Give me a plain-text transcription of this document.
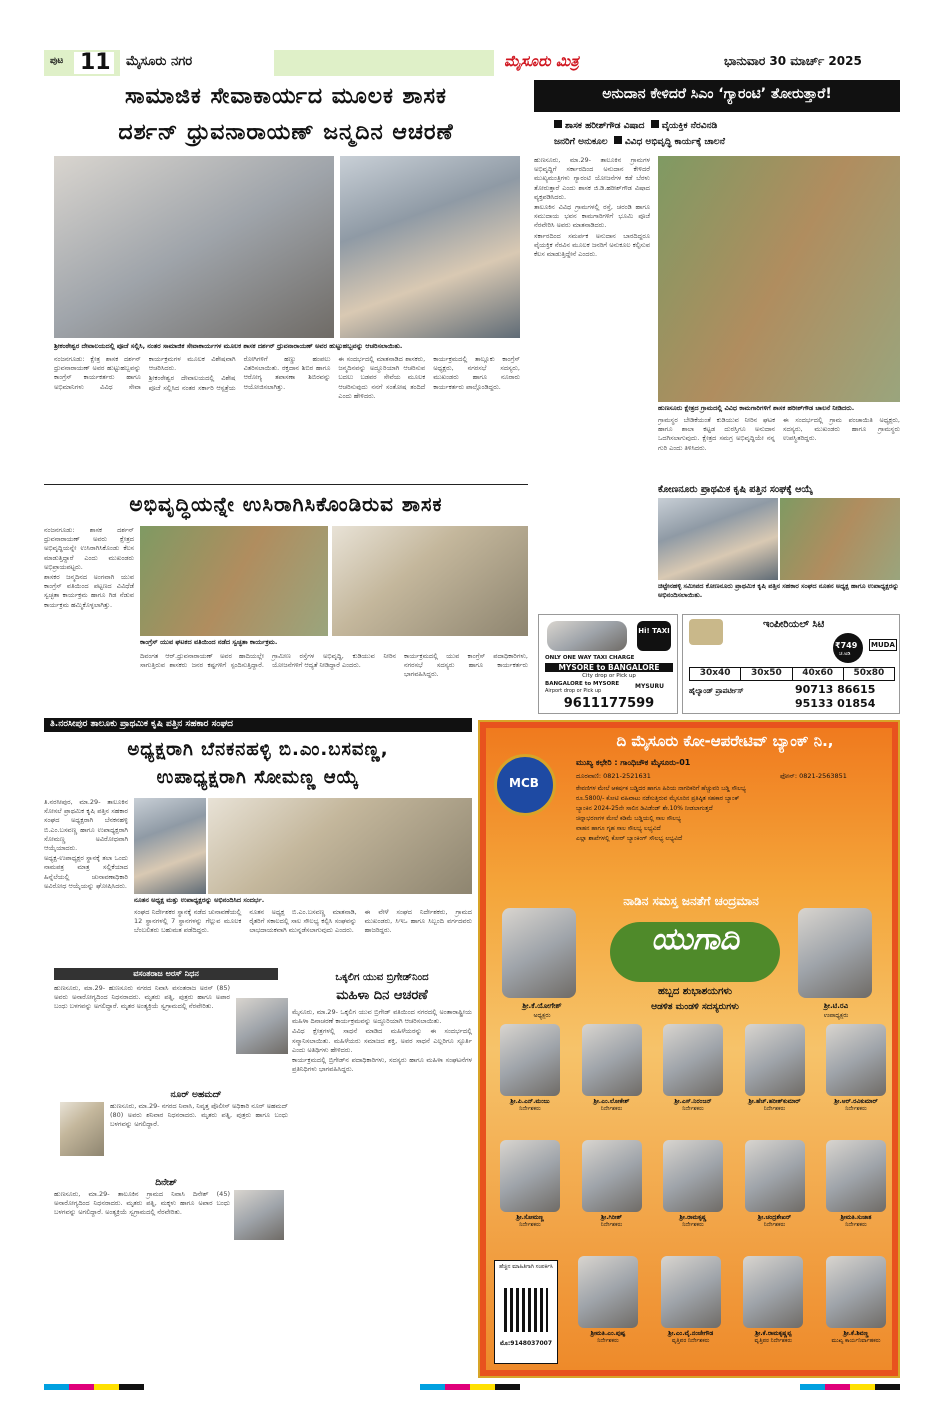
ಪುಟ 11 ಮೈಸೂರು ನಗರ	ಮೈಸೂರು ಮಿತ್ರ	ಭಾನುವಾರ 30 ಮಾರ್ಚ್ 2025
ಸಾಮಾಜಿಕ ಸೇವಾಕಾರ್ಯದ ಮೂಲಕ ಶಾಸಕ
ದರ್ಶನ್ ಧ್ರುವನಾರಾಯಣ್ ಜನ್ಮದಿನ ಆಚರಣೆ
ಶ್ರೀಕಂಠೇಶ್ವರ ದೇವಾಲಯದಲ್ಲಿ ಪೂಜೆ ಸಲ್ಲಿಸಿ, ನಂತರ ಸಾಮಾಜಿಕ ಸೇವಾಕಾರ್ಯಗಳ ಮೂಲಕ ಶಾಸಕ ದರ್ಶನ್ ಧ್ರುವನಾರಾಯಣ್ ಅವರ ಹುಟ್ಟುಹಬ್ಬವನ್ನು ಆಚರಿಸಲಾಯಿತು.
ನಂಜನಗೂಡು: ಕ್ಷೇತ್ರ ಶಾಸಕ ದರ್ಶನ್ ಧ್ರುವನಾರಾಯಣ್ ಅವರ ಹುಟ್ಟುಹಬ್ಬವನ್ನು ಕಾಂಗ್ರೆಸ್ ಕಾರ್ಯಕರ್ತರು ಹಾಗೂ ಅಭಿಮಾನಿಗಳು ವಿವಿಧ ಸೇವಾ ಕಾರ್ಯಕ್ರಮಗಳ ಮೂಲಕ ವಿಶೇಷವಾಗಿ ಆಚರಿಸಿದರು.
ಶ್ರೀಕಂಠೇಶ್ವರ ದೇವಾಲಯದಲ್ಲಿ ವಿಶೇಷ ಪೂಜೆ ಸಲ್ಲಿಸಿದ ನಂತರ ಸರ್ಕಾರಿ ಆಸ್ಪತ್ರೆಯ ರೋಗಿಗಳಿಗೆ ಹಣ್ಣು ಹಂಪಲು ವಿತರಿಸಲಾಯಿತು. ರಕ್ತದಾನ ಶಿಬಿರ ಹಾಗೂ ಆರೋಗ್ಯ ತಪಾಸಣಾ ಶಿಬಿರವನ್ನು ಆಯೋಜಿಸಲಾಗಿತ್ತು.
ಈ ಸಂದರ್ಭದಲ್ಲಿ ಮಾತನಾಡಿದ ಶಾಸಕರು, ಜನ್ಮದಿನವನ್ನು ಅದ್ದೂರಿಯಾಗಿ ಆಚರಿಸುವ ಬದಲು ಬಡವರ ಸೇವೆಯ ಮೂಲಕ ಆಚರಿಸುವುದು ನನಗೆ ಸಂತೋಷ ತಂದಿದೆ ಎಂದು ಹೇಳಿದರು.
ಕಾರ್ಯಕ್ರಮದಲ್ಲಿ ತಾಲ್ಲೂಕು ಕಾಂಗ್ರೆಸ್ ಅಧ್ಯಕ್ಷರು, ನಗರಸಭೆ ಸದಸ್ಯರು, ಮುಖಂಡರು ಹಾಗೂ ನೂರಾರು ಕಾರ್ಯಕರ್ತರು ಪಾಲ್ಗೊಂಡಿದ್ದರು.
ಅನುದಾನ ಕೇಳಿದರೆ ಸಿಎಂ ‘ಗ್ಯಾರಂಟಿ’ ತೋರುತ್ತಾರೆ!
ಶಾಸಕ ಹರೀಶ್‌ಗೌಡ ವಿಷಾದ ವೈಯಕ್ತಿಕ ನೆರವಿನಡಿ
ಜನರಿಗೆ ಅನುಕೂಲ ವಿವಿಧ ಅಭಿವೃದ್ಧಿ ಕಾರ್ಯಕ್ಕೆ ಚಾಲನೆ
ಹುಣಸೂರು, ಮಾ.29- ತಾಲೂಕಿನ ಗ್ರಾಮಗಳ ಅಭಿವೃದ್ಧಿಗೆ ಸರ್ಕಾರದಿಂದ ಅನುದಾನ ಕೇಳಿದರೆ ಮುಖ್ಯಮಂತ್ರಿಗಳು ಗ್ಯಾರಂಟಿ ಯೋಜನೆಗಳ ಕಡೆ ಬೆರಳು ತೋರುತ್ತಾರೆ ಎಂದು ಶಾಸಕ ಜಿ.ಡಿ.ಹರೀಶ್‌ಗೌಡ ವಿಷಾದ ವ್ಯಕ್ತಪಡಿಸಿದರು.
ತಾಲೂಕಿನ ವಿವಿಧ ಗ್ರಾಮಗಳಲ್ಲಿ ರಸ್ತೆ, ಚರಂಡಿ ಹಾಗೂ ಸಮುದಾಯ ಭವನ ಕಾಮಗಾರಿಗಳಿಗೆ ಭೂಮಿ ಪೂಜೆ ನೆರವೇರಿಸಿ ಅವರು ಮಾತನಾಡಿದರು.
ಸರ್ಕಾರದಿಂದ ಸಮರ್ಪಕ ಅನುದಾನ ಬಾರದಿದ್ದರೂ ವೈಯಕ್ತಿಕ ನೆರವಿನ ಮೂಲಕ ಜನರಿಗೆ ಅನುಕೂಲ ಕಲ್ಪಿಸುವ ಕೆಲಸ ಮಾಡುತ್ತಿದ್ದೇನೆ ಎಂದರು.
ಹುಣಸೂರು ಕ್ಷೇತ್ರದ ಗ್ರಾಮದಲ್ಲಿ ವಿವಿಧ ಕಾಮಗಾರಿಗಳಿಗೆ ಶಾಸಕ ಹರೀಶ್‌ಗೌಡ ಚಾಲನೆ ನೀಡಿದರು.
ಗ್ರಾಮಸ್ಥರ ಬೇಡಿಕೆಯಂತೆ ಕುಡಿಯುವ ನೀರಿನ ಘಟಕ ಹಾಗೂ ಶಾಲಾ ಕಟ್ಟಡ ದುರಸ್ತಿಗೂ ಅನುದಾನ ಒದಗಿಸಲಾಗುವುದು. ಕ್ಷೇತ್ರದ ಸಮಗ್ರ ಅಭಿವೃದ್ಧಿಯೇ ನನ್ನ ಗುರಿ ಎಂದು ತಿಳಿಸಿದರು.
ಈ ಸಂದರ್ಭದಲ್ಲಿ ಗ್ರಾಮ ಪಂಚಾಯಿತಿ ಅಧ್ಯಕ್ಷರು, ಸದಸ್ಯರು, ಮುಖಂಡರು ಹಾಗೂ ಗ್ರಾಮಸ್ಥರು ಉಪಸ್ಥಿತರಿದ್ದರು.
ಅಭಿವೃದ್ಧಿಯನ್ನೇ ಉಸಿರಾಗಿಸಿಕೊಂಡಿರುವ ಶಾಸಕ
ನಂಜನಗೂಡು: ಶಾಸಕ ದರ್ಶನ್ ಧ್ರುವನಾರಾಯಣ್ ಅವರು ಕ್ಷೇತ್ರದ ಅಭಿವೃದ್ಧಿಯನ್ನೇ ಉಸಿರಾಗಿಸಿಕೊಂಡು ಕೆಲಸ ಮಾಡುತ್ತಿದ್ದಾರೆ ಎಂದು ಮುಖಂಡರು ಅಭಿಪ್ರಾಯಪಟ್ಟರು.
ಶಾಸಕರ ಜನ್ಮದಿನದ ಅಂಗವಾಗಿ ಯುವ ಕಾಂಗ್ರೆಸ್ ವತಿಯಿಂದ ಪಟ್ಟಣದ ವಿವಿಧೆಡೆ ಸ್ವಚ್ಛತಾ ಕಾರ್ಯಕ್ರಮ ಹಾಗೂ ಗಿಡ ನೆಡುವ ಕಾರ್ಯಕ್ರಮ ಹಮ್ಮಿಕೊಳ್ಳಲಾಗಿತ್ತು.
ಕಾಂಗ್ರೆಸ್ ಯುವ ಘಟಕದ ವತಿಯಿಂದ ನಡೆದ ಸ್ವಚ್ಛತಾ ಕಾರ್ಯಕ್ರಮ.
ದಿವಂಗತ ಆರ್.ಧ್ರುವನಾರಾಯಣ್ ಅವರ ಹಾದಿಯಲ್ಲೇ ಸಾಗುತ್ತಿರುವ ಶಾಸಕರು ಜನರ ಕಷ್ಟಗಳಿಗೆ ಸ್ಪಂದಿಸುತ್ತಿದ್ದಾರೆ. ಗ್ರಾಮೀಣ ರಸ್ತೆಗಳ ಅಭಿವೃದ್ಧಿ, ಕುಡಿಯುವ ನೀರಿನ ಯೋಜನೆಗಳಿಗೆ ಆದ್ಯತೆ ನೀಡಿದ್ದಾರೆ ಎಂದರು.
ಕಾರ್ಯಕ್ರಮದಲ್ಲಿ ಯುವ ಕಾಂಗ್ರೆಸ್ ಪದಾಧಿಕಾರಿಗಳು, ನಗರಸಭೆ ಸದಸ್ಯರು ಹಾಗೂ ಕಾರ್ಯಕರ್ತರು ಭಾಗವಹಿಸಿದ್ದರು.
ಕೋಣನೂರು ಪ್ರಾಥಮಿಕ ಕೃಷಿ ಪತ್ತಿನ ಸಂಘಕ್ಕೆ ಆಯ್ಕೆ
ಚಿಟ್ಟೇನಹಳ್ಳಿ ಸಮೀಪದ ಕೋಣನೂರು ಪ್ರಾಥಮಿಕ ಕೃಷಿ ಪತ್ತಿನ ಸಹಕಾರ ಸಂಘದ ನೂತನ ಅಧ್ಯಕ್ಷ ಹಾಗೂ ಉಪಾಧ್ಯಕ್ಷರನ್ನು ಅಭಿನಂದಿಸಲಾಯಿತು.
Hi! TAXI
ONLY ONE WAY TAXI CHARGE
MYSORE to BANGALORE
City drop or Pick up
BANGALORE to MYSORE
Airport drop or Pick up
MYSURU
9611177599
ಇಂಪೀರಿಯಲ್ ಸಿಟಿ
₹749
ಚ.ಅಡಿ
MUDA
30x40	30x50	40x60	50x80
ಹೈಲ್ಯಾಂಡ್ ಪ್ರಾಪರ್ಟೀಸ್	90713 86615
95133 01854
ತಿ.ನರಸೀಪುರ ತಾಲೂಕು ಪ್ರಾಥಮಿಕ ಕೃಷಿ ಪತ್ತಿನ ಸಹಕಾರ ಸಂಘದ
ಅಧ್ಯಕ್ಷರಾಗಿ ಬೆನಕನಹಳ್ಳಿ ಬಿ.ಎಂ.ಬಸವಣ್ಣ,
ಉಪಾಧ್ಯಕ್ಷರಾಗಿ ಸೋಮಣ್ಣ ಆಯ್ಕೆ
ತಿ.ನರಸೀಪುರ, ಮಾ.29- ತಾಲೂಕಿನ ಸೋಸಲೆ ಪ್ರಾಥಮಿಕ ಕೃಷಿ ಪತ್ತಿನ ಸಹಕಾರ ಸಂಘದ ಅಧ್ಯಕ್ಷರಾಗಿ ಬೆನಕನಹಳ್ಳಿ ಬಿ.ಎಂ.ಬಸವಣ್ಣ ಹಾಗೂ ಉಪಾಧ್ಯಕ್ಷರಾಗಿ ಸೋಮಣ್ಣ ಅವಿರೋಧವಾಗಿ ಆಯ್ಕೆಯಾದರು.
ಅಧ್ಯಕ್ಷ-ಉಪಾಧ್ಯಕ್ಷರ ಸ್ಥಾನಕ್ಕೆ ತಲಾ ಒಂದು ನಾಮಪತ್ರ ಮಾತ್ರ ಸಲ್ಲಿಕೆಯಾದ ಹಿನ್ನೆಲೆಯಲ್ಲಿ ಚುನಾವಣಾಧಿಕಾರಿ ಅವಿರೋಧ ಆಯ್ಕೆಯನ್ನು ಘೋಷಿಸಿದರು.
ನೂತನ ಅಧ್ಯಕ್ಷ ಮತ್ತು ಉಪಾಧ್ಯಕ್ಷರನ್ನು ಅಭಿನಂದಿಸಿದ ಸಂದರ್ಭ.
ಸಂಘದ ನಿರ್ದೇಶಕರ ಸ್ಥಾನಕ್ಕೆ ನಡೆದ ಚುನಾವಣೆಯಲ್ಲಿ 12 ಸ್ಥಾನಗಳಲ್ಲಿ 7 ಸ್ಥಾನಗಳನ್ನು ಗೆಲ್ಲುವ ಮೂಲಕ ಬೆಂಬಲಿತರು ಬಹುಮತ ಪಡೆದಿದ್ದರು.
ನೂತನ ಅಧ್ಯಕ್ಷ ಬಿ.ಎಂ.ಬಸವಣ್ಣ ಮಾತನಾಡಿ, ರೈತರಿಗೆ ಸಕಾಲದಲ್ಲಿ ಸಾಲ ಸೌಲಭ್ಯ ಕಲ್ಪಿಸಿ ಸಂಘವನ್ನು ಲಾಭದಾಯಕವಾಗಿ ಮುನ್ನಡೆಸಲಾಗುವುದು ಎಂದರು.
ಈ ವೇಳೆ ಸಂಘದ ನಿರ್ದೇಶಕರು, ಗ್ರಾಮದ ಮುಖಂಡರು, ಸಿಇಒ ಹಾಗೂ ಸಿಬ್ಬಂದಿ ವರ್ಗದವರು ಹಾಜರಿದ್ದರು.
ವಸಂತರಾಜ ಅರಸ್ ನಿಧನ
ಹುಣಸೂರು, ಮಾ.29- ಹುಣಸೂರು ನಗರದ ನಿವಾಸಿ ವಸಂತರಾಜ ಅರಸ್ (85) ಅವರು ಅನಾರೋಗ್ಯದಿಂದ ನಿಧನರಾದರು. ಮೃತರು ಪತ್ನಿ, ಪುತ್ರರು ಹಾಗೂ ಅಪಾರ ಬಂಧು ಬಳಗವನ್ನು ಅಗಲಿದ್ದಾರೆ. ಮೃತರ ಅಂತ್ಯಕ್ರಿಯೆ ಸ್ವಗ್ರಾಮದಲ್ಲಿ ನೆರವೇರಿತು.
ನೂರ್ ಅಹಮದ್
ಹುಣಸೂರು, ಮಾ.29- ನಗರದ ನಿವಾಸಿ, ನಿವೃತ್ತ ಪೊಲೀಸ್ ಅಧಿಕಾರಿ ನೂರ್ ಅಹಮದ್ (80) ಅವರು ಶನಿವಾರ ನಿಧನರಾದರು. ಮೃತರು ಪತ್ನಿ, ಪುತ್ರರು ಹಾಗೂ ಬಂಧು ಬಳಗವನ್ನು ಅಗಲಿದ್ದಾರೆ.
ದಿನೇಶ್
ಹುಣಸೂರು, ಮಾ.29- ತಾಲೂಕಿನ ಗ್ರಾಮದ ನಿವಾಸಿ ದಿನೇಶ್ (45) ಅನಾರೋಗ್ಯದಿಂದ ನಿಧನರಾದರು. ಮೃತರು ಪತ್ನಿ, ಮಕ್ಕಳು ಹಾಗೂ ಅಪಾರ ಬಂಧು ಬಳಗವನ್ನು ಅಗಲಿದ್ದಾರೆ. ಅಂತ್ಯಕ್ರಿಯೆ ಸ್ವಗ್ರಾಮದಲ್ಲಿ ನೆರವೇರಿತು.
ಒಕ್ಕಲಿಗ ಯುವ ಬ್ರಿಗೇಡ್‌ನಿಂದ
ಮಹಿಳಾ ದಿನ ಆಚರಣೆ
ಮೈಸೂರು, ಮಾ.29- ಒಕ್ಕಲಿಗ ಯುವ ಬ್ರಿಗೇಡ್ ವತಿಯಿಂದ ನಗರದಲ್ಲಿ ಅಂತಾರಾಷ್ಟ್ರೀಯ ಮಹಿಳಾ ದಿನಾಚರಣೆ ಕಾರ್ಯಕ್ರಮವನ್ನು ಅದ್ದೂರಿಯಾಗಿ ಆಚರಿಸಲಾಯಿತು.
ವಿವಿಧ ಕ್ಷೇತ್ರಗಳಲ್ಲಿ ಸಾಧನೆ ಮಾಡಿದ ಮಹಿಳೆಯರನ್ನು ಈ ಸಂದರ್ಭದಲ್ಲಿ ಸನ್ಮಾನಿಸಲಾಯಿತು. ಮಹಿಳೆಯರು ಸಮಾಜದ ಶಕ್ತಿ, ಅವರ ಸಾಧನೆ ಎಲ್ಲರಿಗೂ ಸ್ಫೂರ್ತಿ ಎಂದು ಅತಿಥಿಗಳು ಹೇಳಿದರು.
ಕಾರ್ಯಕ್ರಮದಲ್ಲಿ ಬ್ರಿಗೇಡ್‌ನ ಪದಾಧಿಕಾರಿಗಳು, ಸದಸ್ಯರು ಹಾಗೂ ಮಹಿಳಾ ಸಂಘಟನೆಗಳ ಪ್ರತಿನಿಧಿಗಳು ಭಾಗವಹಿಸಿದ್ದರು.
MCB
ದಿ ಮೈಸೂರು ಕೋ-ಆಪರೇಟಿವ್ ಬ್ಯಾಂಕ್ ನಿ.,
ಮುಖ್ಯ ಕಛೇರಿ : ಗಾಂಧಿಚೌಕ ಮೈಸೂರು-01
ದೂರವಾಣಿ: 0821-2521631	ಫೋನ್: 0821-2563851
ಠೇವಣಿಗಳ ಮೇಲೆ ಆಕರ್ಷಕ ಬಡ್ಡಿದರ ಹಾಗೂ ಹಿರಿಯ ನಾಗರಿಕರಿಗೆ ಹೆಚ್ಚುವರಿ ಬಡ್ಡಿ ಸೌಲಭ್ಯ
ರೂ.5800/- ಕೋಟಿ ವಹಿವಾಟು ನಡೆಸುತ್ತಿರುವ ಮೈಸೂರಿನ ಪ್ರತಿಷ್ಠಿತ ಸಹಕಾರ ಬ್ಯಾಂಕ್
ಬ್ಯಾಂಕಿನ 2024-25ನೇ ಸಾಲಿನ ಡಿವಿಡೆಂಡ್ ಶೇ.10% ನೀಡಲಾಗುತ್ತದೆ
ಚಿನ್ನಾಭರಣಗಳ ಮೇಲೆ ಕಡಿಮೆ ಬಡ್ಡಿಯಲ್ಲಿ ಸಾಲ ಸೌಲಭ್ಯ
ವಾಹನ ಹಾಗೂ ಗೃಹ ಸಾಲ ಸೌಲಭ್ಯ ಲಭ್ಯವಿದೆ
ಎಲ್ಲಾ ಶಾಖೆಗಳಲ್ಲಿ ಕೋರ್ ಬ್ಯಾಂಕಿಂಗ್ ಸೌಲಭ್ಯ ಲಭ್ಯವಿದೆ
ನಾಡಿನ ಸಮಸ್ತ ಜನತೆಗೆ ಚಂದ್ರಮಾನ
ಯುಗಾದಿ
ಹಬ್ಬದ ಶುಭಾಶಯಗಳು
ಆಡಳಿತ ಮಂಡಳಿ ಸದಸ್ಯರುಗಳು
ಶ್ರೀ.ಕೆ.ಯೋಗೇಶ್
ಅಧ್ಯಕ್ಷರು
ಶ್ರೀ.ಟಿ.ರವಿ
ಉಪಾಧ್ಯಕ್ಷರು
ಶ್ರೀ.ಪಿ.ಎನ್.ಮಂಜು
ನಿರ್ದೇಶಕರು
ಶ್ರೀ.ಎಂ.ಲೋಕೇಶ್
ನಿರ್ದೇಶಕರು
ಶ್ರೀ.ಎಸ್.ನಿರಂಜನ್
ನಿರ್ದೇಶಕರು
ಶ್ರೀ.ಹೆಚ್.ಹರೀಶ್‌ಕುಮಾರ್
ನಿರ್ದೇಶಕರು
ಶ್ರೀ.ಆರ್.ರವಿಕುಮಾರ್
ನಿರ್ದೇಶಕರು
ಶ್ರೀ.ಸೋಮಣ್ಣ
ನಿರ್ದೇಶಕರು
ಶ್ರೀ.ಗಿರೀಶ್
ನಿರ್ದೇಶಕರು
ಶ್ರೀ.ರಾಮಕೃಷ್ಣ
ನಿರ್ದೇಶಕರು
ಶ್ರೀ.ಚಂದ್ರಶೇಖರ್
ನಿರ್ದೇಶಕರು
ಶ್ರೀಮತಿ.ಸುಜಾತ
ನಿರ್ದೇಶಕರು
ಹೆಚ್ಚಿನ ಮಾಹಿತಿಗಾಗಿ ಸಂಪರ್ಕಿಸಿ
ಮೊ:9148037007
ಶ್ರೀಮತಿ.ಎಂ.ಪುಷ್ಪ
ನಿರ್ದೇಶಕರು
ಶ್ರೀ.ಎಂ.ವೈ.ನಂಜೇಗೌಡ
ವೃತ್ತಿಪರ ನಿರ್ದೇಶಕರು
ಶ್ರೀ.ಕೆ.ರಾಮಕೃಷ್ಣಪ್ಪ
ವೃತ್ತಿಪರ ನಿರ್ದೇಶಕರು
ಶ್ರೀ.ಕೆ.ಶಿವಣ್ಣ
ಮುಖ್ಯ ಕಾರ್ಯನಿರ್ವಾಹಕರು
